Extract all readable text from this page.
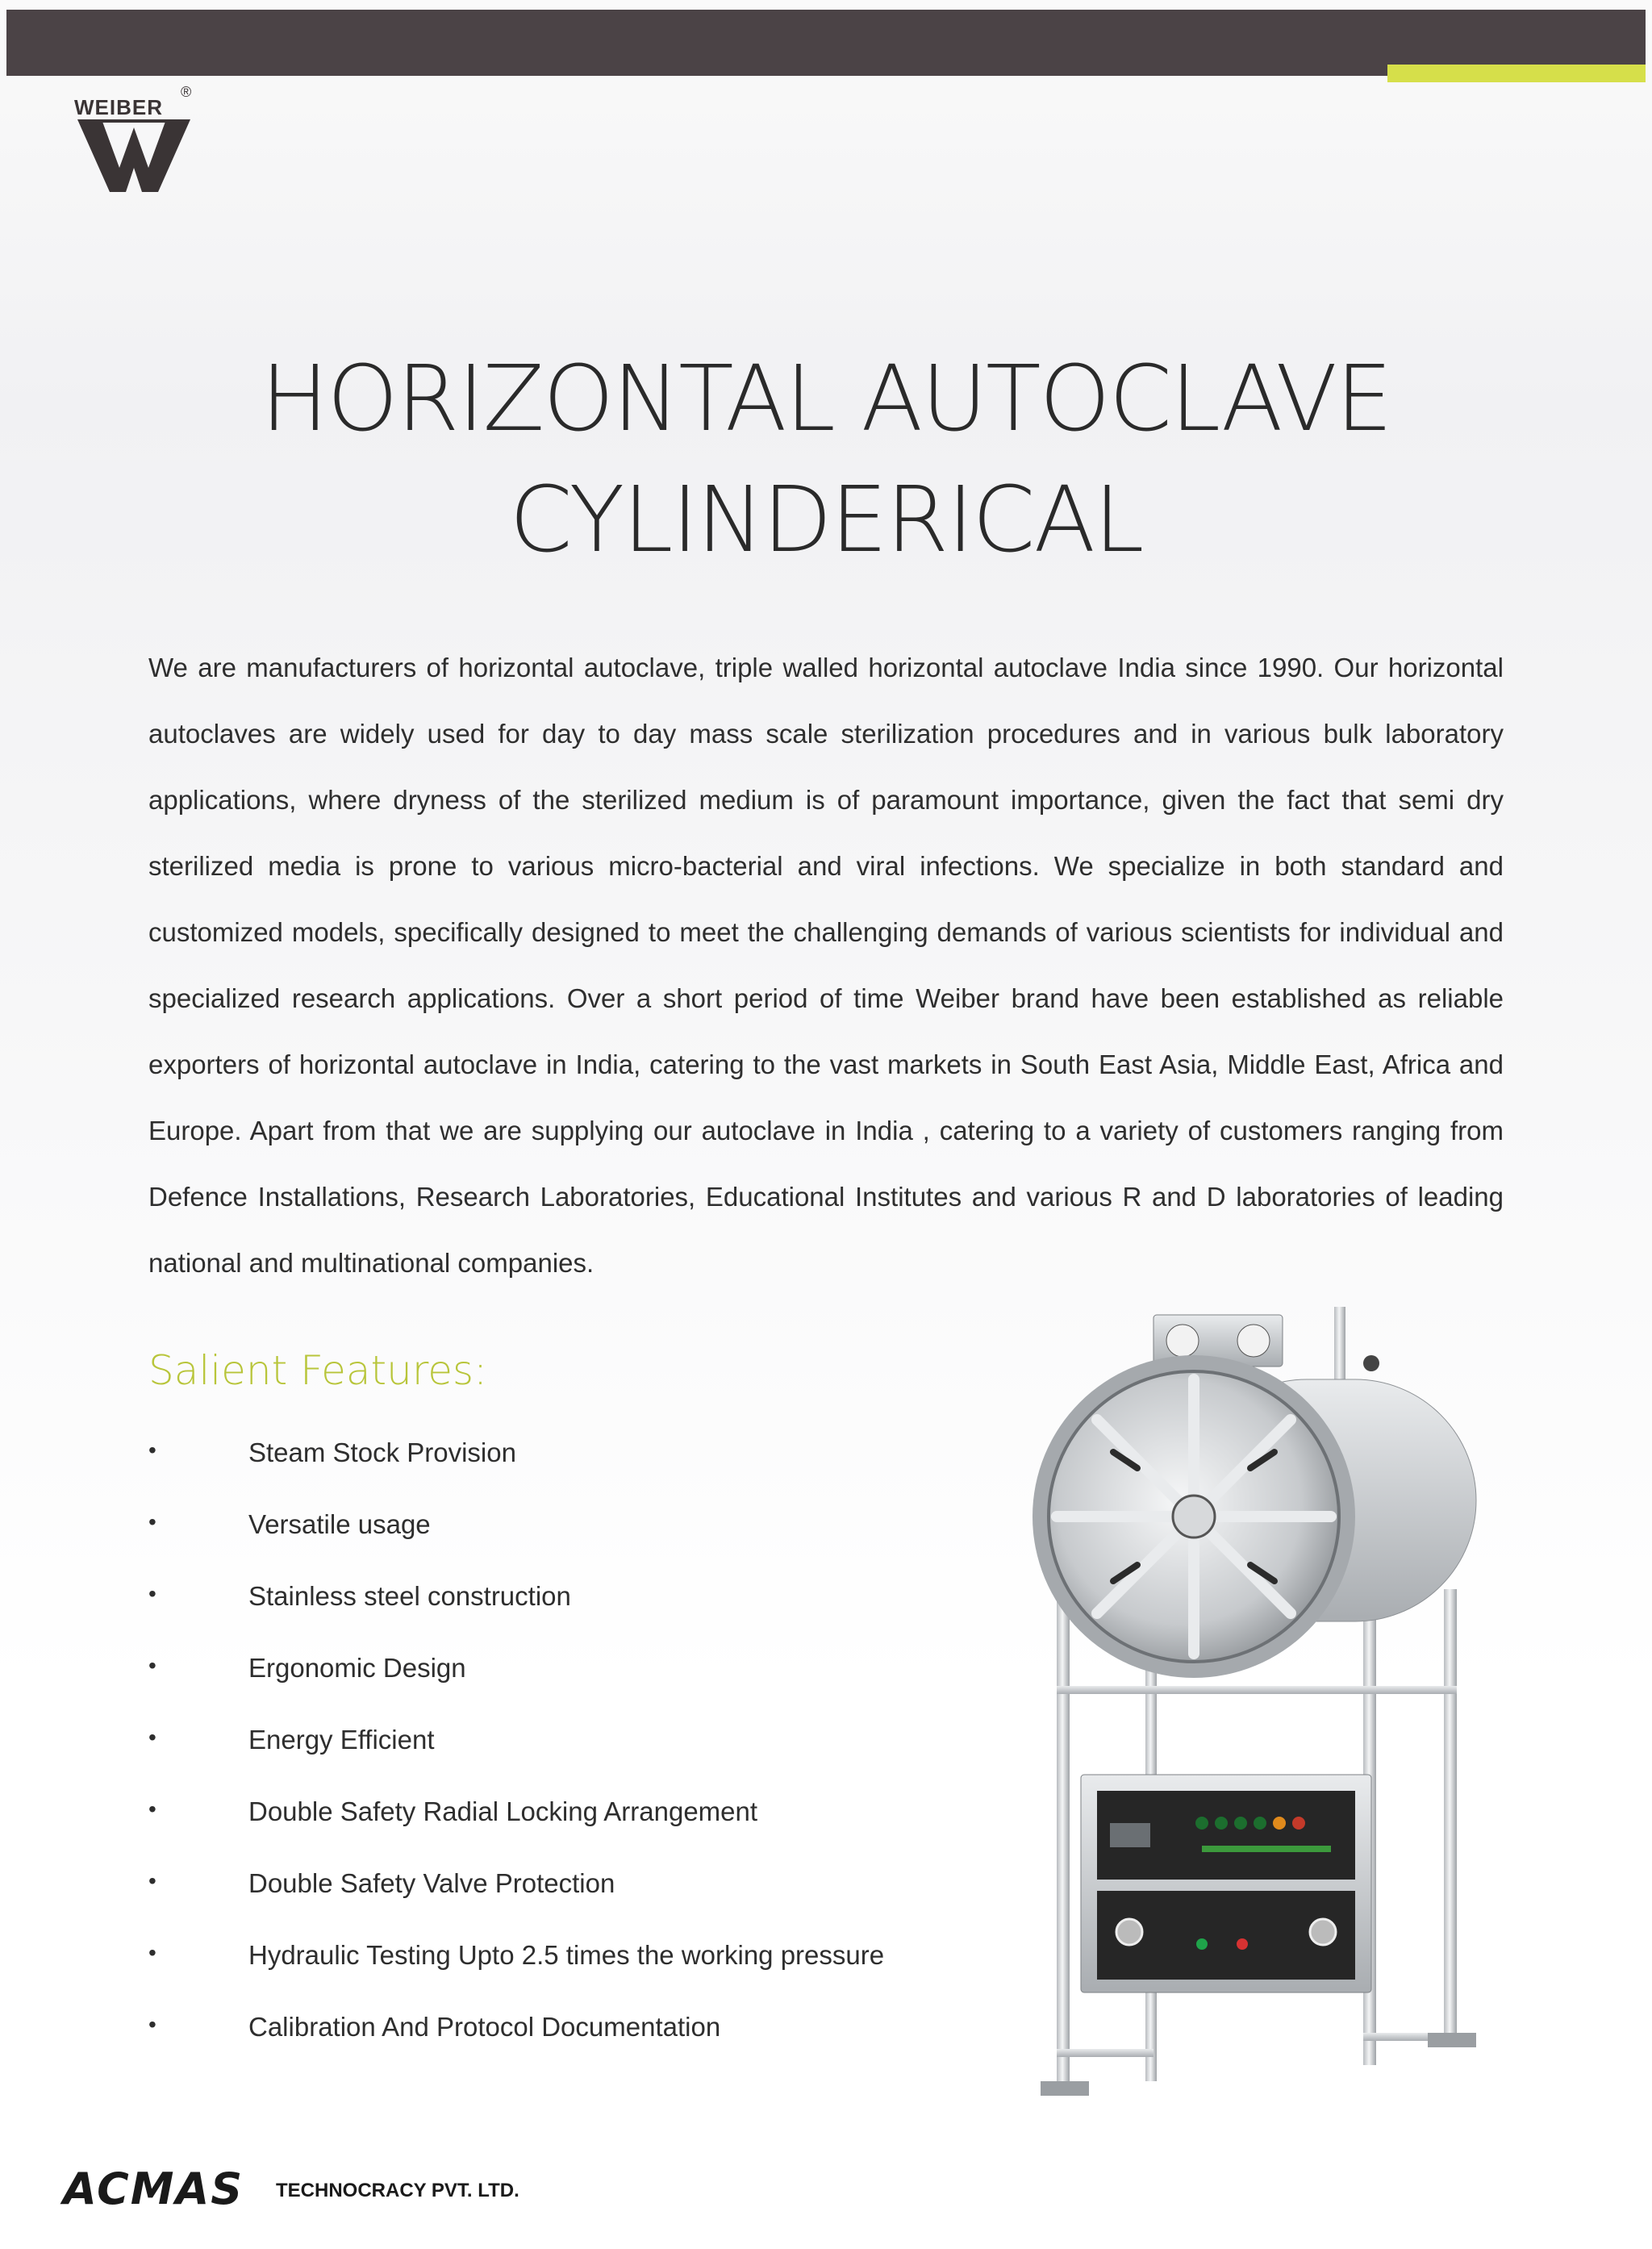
WEIBER
®
HORIZONTAL AUTOCLAVE
CYLINDERICAL

We are manufacturers of horizontal autoclave, triple walled horizontal autoclave India since 1990. Our horizontal autoclaves are widely used for day to day mass scale sterilization procedures and in various bulk laboratory applications, where dryness of the sterilized medium is of paramount importance, given the fact that semi dry sterilized media is prone to various micro-bacterial and viral infections. We specialize in both standard and customized models, specifically designed to meet the challenging demands of various scientists for individual and specialized research applications. Over a short period of time Weiber brand have been established as reliable exporters of horizontal autoclave in India, catering to the vast markets in South East Asia, Middle East, Africa and Europe. Apart from that we are supplying our autoclave in India , catering to a variety of customers ranging from Defence Installations, Research Laboratories, Educational Institutes and various R and D laboratories of leading national and multinational companies.

Salient Features:
•	Steam Stock Provision
•	Versatile usage
•	Stainless steel construction
•	Ergonomic Design
•	Energy Efficient
•	Double Safety Radial Locking Arrangement
•	Double Safety Valve Protection
•	Hydraulic Testing Upto 2.5 times the working pressure
•	Calibration And Protocol Documentation
ACMAS TECHNOCRACY PVT. LTD.
